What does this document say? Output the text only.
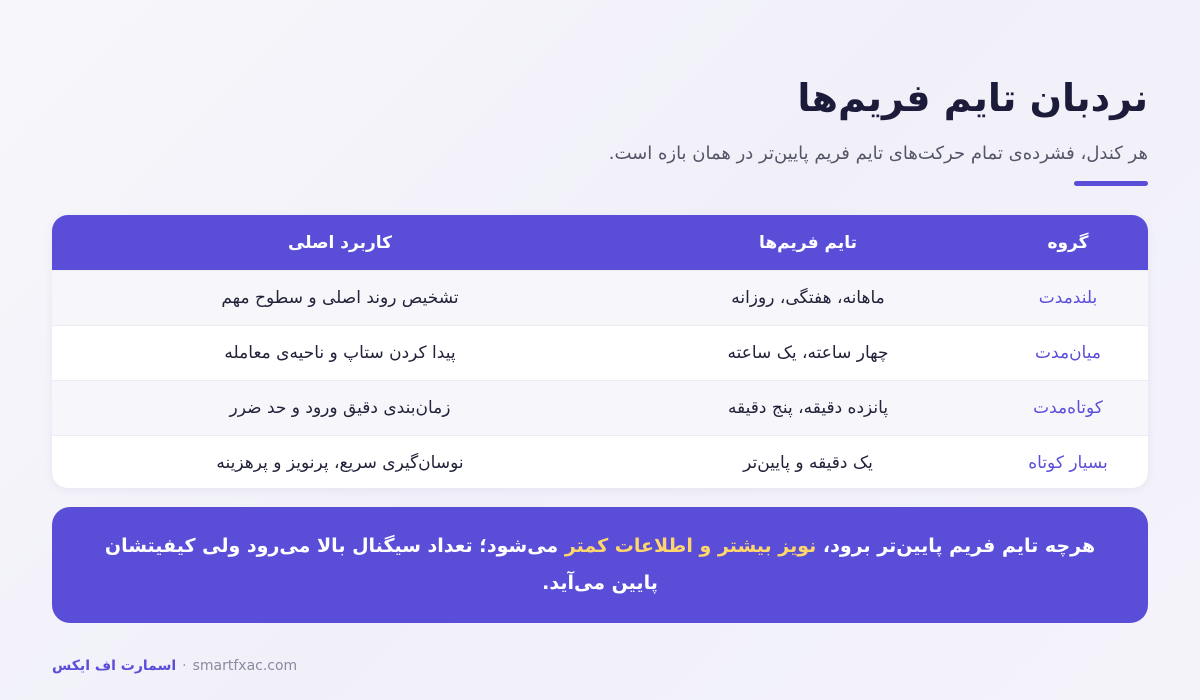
نردبان تایم فریم‌ها

هر کندل، فشرده‌ی تمام حرکت‌های تایم فریم پایین‌تر در همان بازه است.

گروه
تایم فریم‌ها
کاربرد اصلی
بلندمدت
ماهانه، هفتگی، روزانه
تشخیص روند اصلی و سطوح مهم
میان‌مدت
چهار ساعته، یک ساعته
پیدا کردن ستاپ و ناحیه‌ی معامله
کوتاه‌مدت
پانزده دقیقه، پنج دقیقه
زمان‌بندی دقیق ورود و حد ضرر
بسیار کوتاه
یک دقیقه و پایین‌تر
نوسان‌گیری سریع، پرنویز و پرهزینه

هرچه تایم فریم پایین‌تر برود، نویز بیشتر و اطلاعات کمتر می‌شود؛ تعداد سیگنال بالا می‌رود ولی کیفیتشان پایین می‌آید.

اسمارت اف ایکس · smartfxac.com
